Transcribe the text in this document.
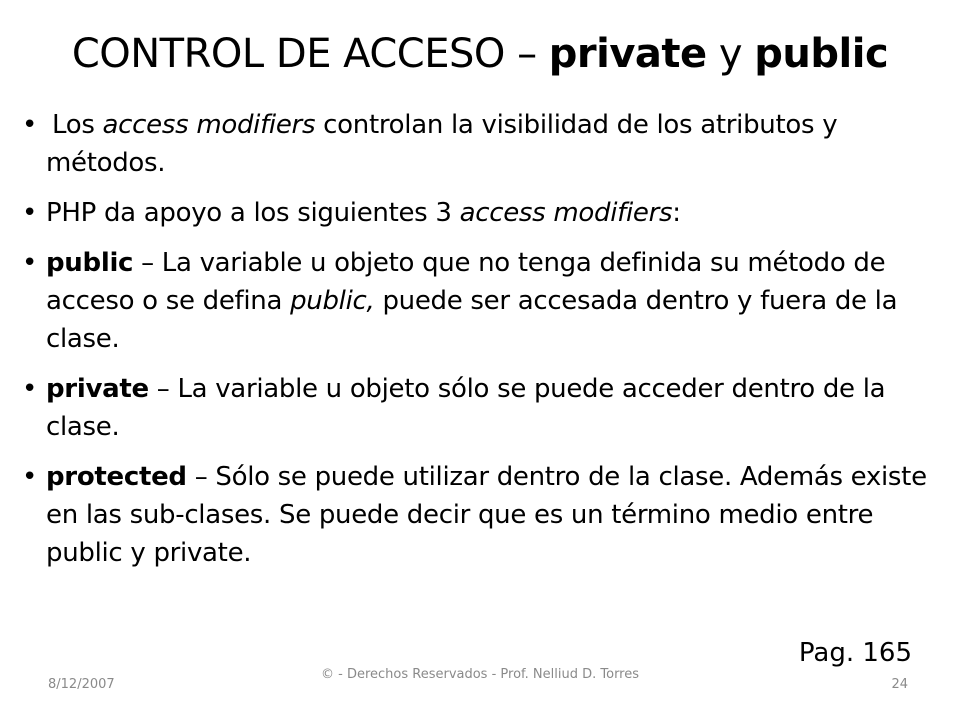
CONTROL DE ACCESO – private y public
• Los access modifiers controlan la visibilidad de los atributos y métodos.
• PHP da apoyo a los siguientes 3 access modifiers:
• public – La variable u objeto que no tenga definida su método de acceso o se defina public, puede ser accesada dentro y fuera de la clase.
• private – La variable u objeto sólo se puede acceder dentro de la clase.
• protected – Sólo se puede utilizar dentro de la clase. Además existe en las sub-clases. Se puede decir que es un término medio entre public y private.
Pag. 165
8/12/2007
© - Derechos Reservados - Prof. Nelliud D. Torres
24
